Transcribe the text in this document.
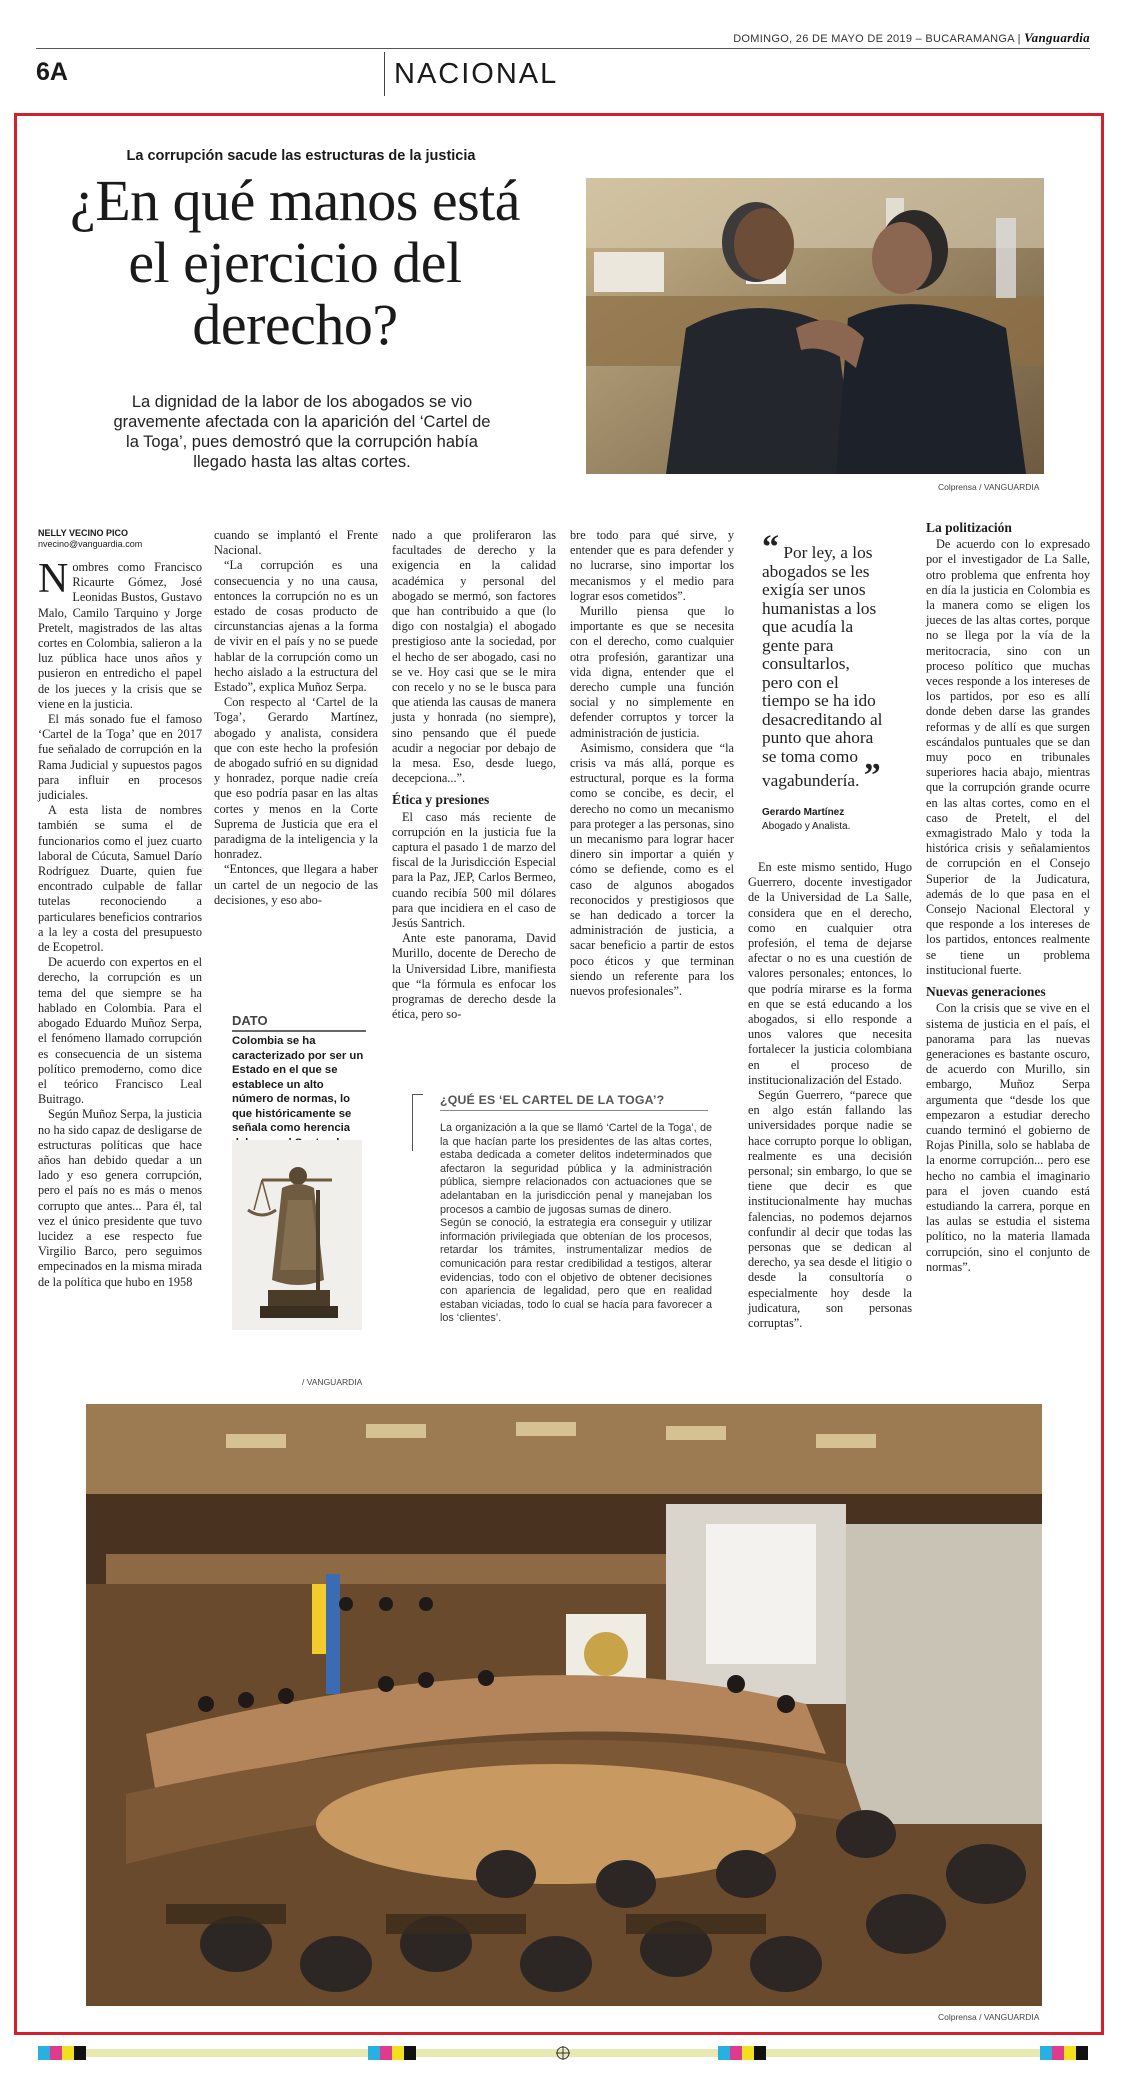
DOMINGO, 26 DE MAYO DE 2019 – BUCARAMANGA | Vanguardia
6A	NACIONAL
La corrupción sacude las estructuras de la justicia
¿En qué manos está el ejercicio del derecho?
La dignidad de la labor de los abogados se vio gravemente afectada con la aparición del ‘Cartel de la Toga’, pues demostró que la corrupción había llegado hasta las altas cortes.
Colprensa / VANGUARDIA
NELLY VECINO PICO
nvecino@vanguardia.com

Nombres como Francisco Ricaurte Gómez, José Leonidas Bustos, Gustavo Malo, Camilo Tarquino y Jorge Pretelt, magistrados de las altas cortes en Colombia, salieron a la luz pública hace unos años y pusieron en entredicho el papel de los jueces y la crisis que se viene en la justicia.

El más sonado fue el famoso ‘Cartel de la Toga’ que en 2017 fue señalado de corrupción en la Rama Judicial y supuestos pagos para influir en procesos judiciales.

A esta lista de nombres también se suma el de funcionarios como el juez cuarto laboral de Cúcuta, Samuel Darío Rodríguez Duarte, quien fue encontrado culpable de fallar tutelas reconociendo a particulares beneficios contrarios a la ley a costa del presupuesto de Ecopetrol.

De acuerdo con expertos en el derecho, la corrupción es un tema del que siempre se ha hablado en Colombia. Para el abogado Eduardo Muñoz Serpa, el fenómeno llamado corrupción es consecuencia de un sistema político premoderno, como dice el teórico Francisco Leal Buitrago.

Según Muñoz Serpa, la justicia no ha sido capaz de desligarse de estructuras políticas que hace años han debido quedar a un lado y eso genera corrupción, pero el país no es más o menos corrupto que antes... Para él, tal vez el único presidente que tuvo lucidez a ese respecto fue Virgilio Barco, pero seguimos empecinados en la misma mirada de la política que hubo en 1958

cuando se implantó el Frente Nacional.

“La corrupción es una consecuencia y no una causa, entonces la corrupción no es un estado de cosas producto de circunstancias ajenas a la forma de vivir en el país y no se puede hablar de la corrupción como un hecho aislado a la estructura del Estado”, explica Muñoz Serpa.

Con respecto al ‘Cartel de la Toga’, Gerardo Martínez, abogado y analista, considera que con este hecho la profesión de abogado sufrió en su dignidad y honradez, porque nadie creía que eso podría pasar en las altas cortes y menos en la Corte Suprema de Justicia que era el paradigma de la inteligencia y la honradez.

“Entonces, que llegara a haber un cartel de un negocio de las decisiones, y eso abo-

DATO
Colombia se ha caracterizado por ser un Estado en el que se establece un alto número de normas, lo que históricamente se señala como herencia
/ VANGUARDIA

nado a que proliferaron las facultades de derecho y la exigencia en la calidad académica y personal del abogado se mermó, son factores que han contribuido a que (lo digo con nostalgia) el abogado prestigioso ante la sociedad, por el hecho de ser abogado, casi no se ve. Hoy casi que se le mira con recelo y no se le busca para que atienda las causas de manera justa y honrada (no siempre), sino pensando que él puede acudir a negociar por debajo de la mesa. Eso, desde luego, decepciona...”.

Ética y presiones

El caso más reciente de corrupción en la justicia fue la captura el pasado 1 de marzo del fiscal de la Jurisdicción Especial para la Paz, JEP, Carlos Bermeo, cuando recibía 500 mil dólares para que incidiera en el caso de Jesús Santrich.

Ante este panorama, David Murillo, docente de Derecho de la Universidad Libre, manifiesta que “la fórmula es enfocar los programas de derecho desde la ética, pero so-

bre todo para qué sirve, y entender que es para defender y no lucrarse, sino importar los mecanismos y el medio para lograr esos cometidos”.

Murillo piensa que lo importante es que se necesita con el derecho, como cualquier otra profesión, garantizar una vida digna, entender que el derecho cumple una función social y no simplemente en defender corruptos y torcer la administración de justicia.

Asimismo, considera que “la crisis va más allá, porque es estructural, porque es la forma como se concibe, es decir, el derecho no como un mecanismo para proteger a las personas, sino un mecanismo para lograr hacer dinero sin importar a quién y cómo se defiende, como es el caso de algunos abogados reconocidos y prestigiosos que se han dedicado a torcer la administración de justicia, a sacar beneficio a partir de estos poco éticos y que terminan siendo un referente para los nuevos profesionales”.

¿QUÉ ES ‘EL CARTEL DE LA TOGA’?

La organización a la que se llamó ‘Cartel de la Toga’, de la que hacían parte los presidentes de las altas cortes, estaba dedicada a cometer delitos indeterminados que afectaron la seguridad pública y la administración pública, siempre relacionados con actuaciones que se adelantaban en la jurisdicción penal y manejaban los procesos a cambio de jugosas sumas de dinero.

Según se conoció, la estrategia era conseguir y utilizar información privilegiada que obtenían de los procesos, retardar los trámites, instrumentalizar medios de comunicación para restar credibilidad a testigos, alterar evidencias, todo con el objetivo de obtener decisiones con apariencia de legalidad, pero que en realidad estaban viciadas, todo lo cual se hacía para favorecer a los ‘clientes’.

“ Por ley, a los abogados se les exigía ser unos humanistas a los que acudía la gente para consultarlos, pero con el tiempo se ha ido desacreditando al punto que ahora se toma como vagabundería. ”
Gerardo Martínez
Abogado y Analista.

En este mismo sentido, Hugo Guerrero, docente investigador de la Universidad de La Salle, considera que en el derecho, como en cualquier otra profesión, el tema de dejarse afectar o no es una cuestión de valores personales; entonces, lo que podría mirarse es la forma en que se está educando a los abogados, si ello responde a unos valores que necesita fortalecer la justicia colombiana en el proceso de institucionalización del Estado.

Según Guerrero, “parece que en algo están fallando las universidades porque nadie se hace corrupto porque lo obligan, realmente es una decisión personal; sin embargo, lo que se tiene que decir es que institucionalmente hay muchas falencias, no podemos dejarnos confundir al decir que todas las personas que se dedican al derecho, ya sea desde el litigio o desde la consultoría o especialmente hoy desde la judicatura, son personas corruptas”.

La politización

De acuerdo con lo expresado por el investigador de La Salle, otro problema que enfrenta hoy en día la justicia en Colombia es la manera como se eligen los jueces de las altas cortes, porque no se llega por la vía de la meritocracia, sino con un proceso político que muchas veces responde a los intereses de los partidos, por eso es allí donde deben darse las grandes reformas y de allí es que surgen escándalos puntuales que se dan muy poco en tribunales superiores hacia abajo, mientras que la corrupción grande ocurre en las altas cortes, como en el caso de Pretelt, el del exmagistrado Malo y toda la histórica crisis y señalamientos de corrupción en el Consejo Superior de la Judicatura, además de lo que pasa en el Consejo Nacional Electoral y que responde a los intereses de los partidos, entonces realmente se tiene un problema institucional fuerte.

Nuevas generaciones

Con la crisis que se vive en el sistema de justicia en el país, el panorama para las nuevas generaciones es bastante oscuro, de acuerdo con Murillo, sin embargo, Muñoz Serpa argumenta que “desde los que empezaron a estudiar derecho cuando terminó el gobierno de Rojas Pinilla, solo se hablaba de la enorme corrupción... pero ese hecho no cambia el imaginario para el joven cuando está estudiando la carrera, porque en las aulas se estudia el sistema político, no la materia llamada corrupción, sino el conjunto de normas”.

Colprensa / VANGUARDIA
